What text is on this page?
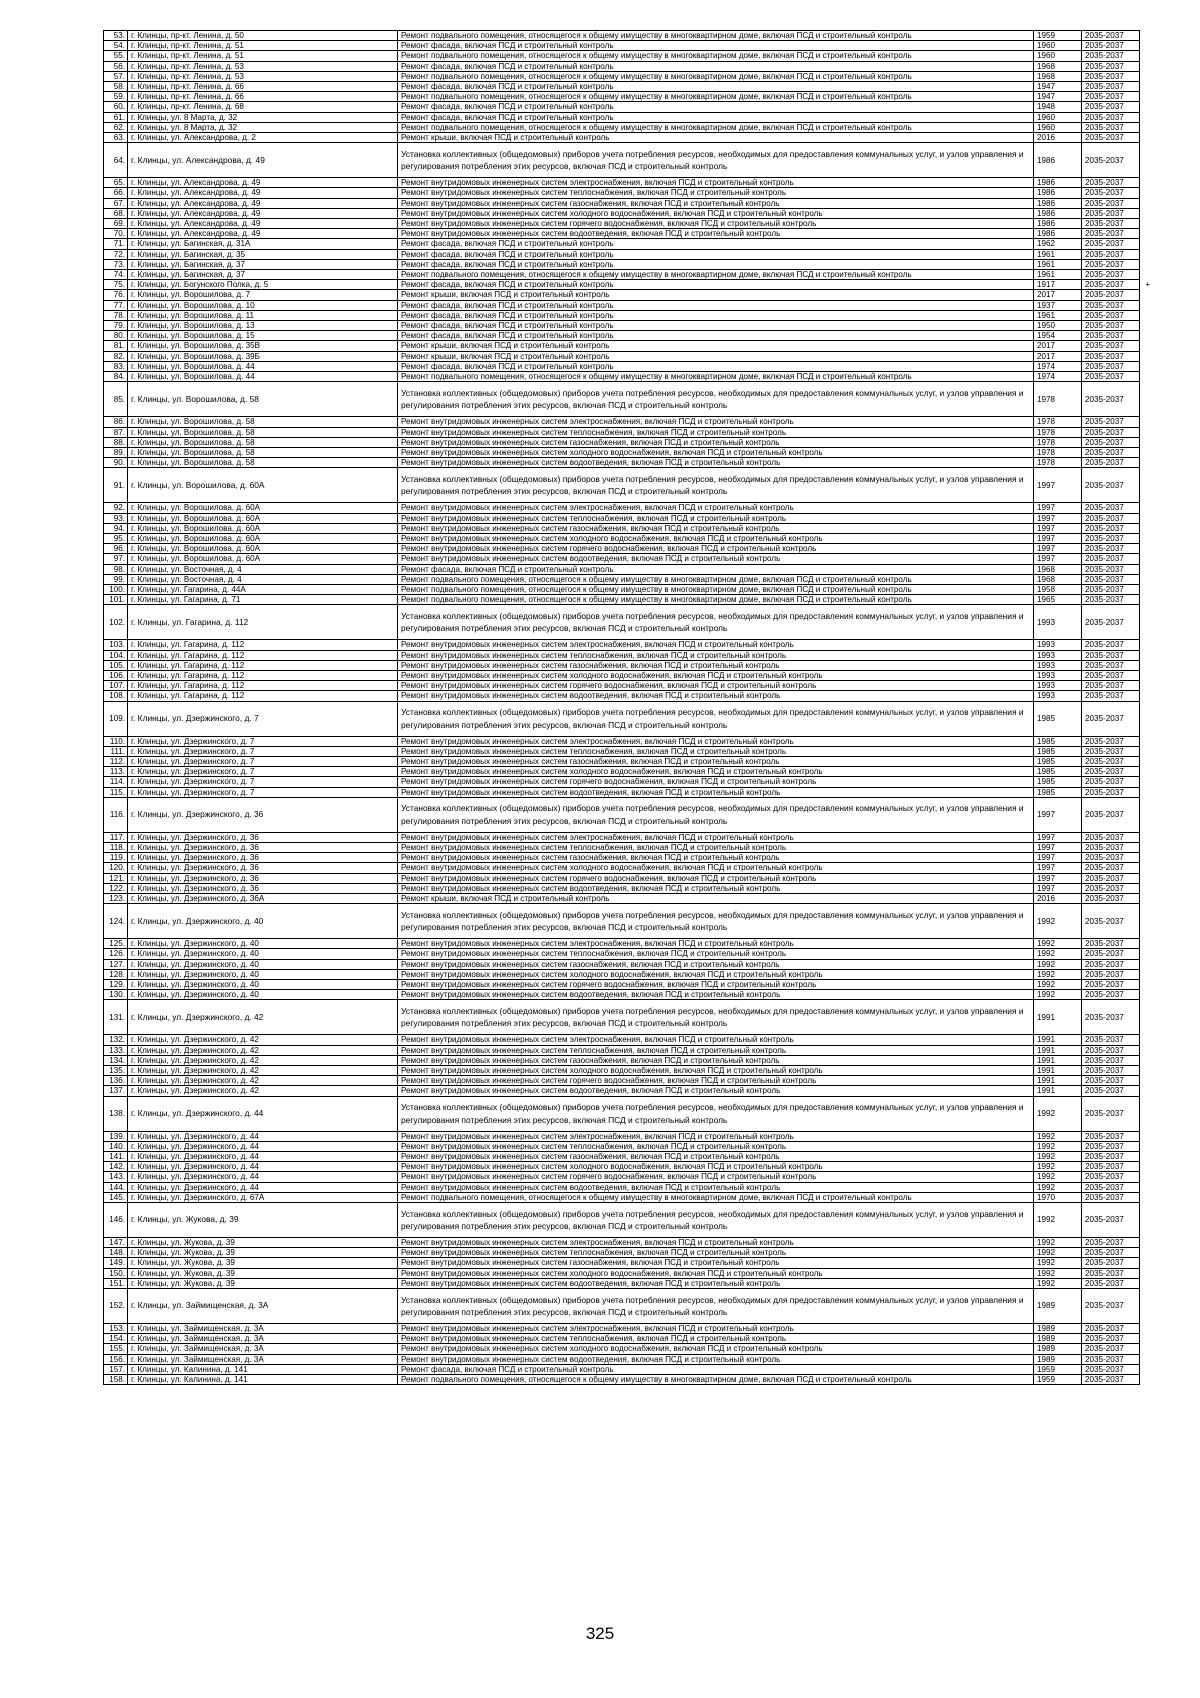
53.	г. Клинцы, пр-кт. Ленина, д. 50	Ремонт подвального помещения, относящегося к общему имуществу в многоквартирном доме, включая ПСД и строительный контроль	1959	2035-2037	
54.	г. Клинцы, пр-кт. Ленина, д. 51	Ремонт фасада, включая ПСД и строительный контроль	1960	2035-2037	
55.	г. Клинцы, пр-кт. Ленина, д. 51	Ремонт подвального помещения, относящегося к общему имуществу в многоквартирном доме, включая ПСД и строительный контроль	1960	2035-2037	
56.	г. Клинцы, пр-кт. Ленина, д. 53	Ремонт фасада, включая ПСД и строительный контроль	1968	2035-2037	
57.	г. Клинцы, пр-кт. Ленина, д. 53	Ремонт подвального помещения, относящегося к общему имуществу в многоквартирном доме, включая ПСД и строительный контроль	1968	2035-2037	
58.	г. Клинцы, пр-кт. Ленина, д. 66	Ремонт фасада, включая ПСД и строительный контроль	1947	2035-2037	
59.	г. Клинцы, пр-кт. Ленина, д. 66	Ремонт подвального помещения, относящегося к общему имуществу в многоквартирном доме, включая ПСД и строительный контроль	1947	2035-2037	
60.	г. Клинцы, пр-кт. Ленина, д. 68	Ремонт фасада, включая ПСД и строительный контроль	1948	2035-2037	
61.	г. Клинцы, ул. 8 Марта, д. 32	Ремонт фасада, включая ПСД и строительный контроль	1960	2035-2037	
62.	г. Клинцы, ул. 8 Марта, д. 32	Ремонт подвального помещения, относящегося к общему имуществу в многоквартирном доме, включая ПСД и строительный контроль	1960	2035-2037	
63.	г. Клинцы, ул. Александрова, д. 2	Ремонт крыши, включая ПСД и строительный контроль	2016	2035-2037	
64.	г. Клинцы, ул. Александрова, д. 49	Установка коллективных (общедомовых) приборов учета потребления ресурсов, необходимых для предоставления коммунальных услуг, и узлов управления и регулирования потребления этих ресурсов, включая ПСД и строительный контроль	1986	2035-2037	
65.	г. Клинцы, ул. Александрова, д. 49	Ремонт внутридомовых инженерных систем электроснабжения, включая ПСД и строительный контроль	1986	2035-2037	
66.	г. Клинцы, ул. Александрова, д. 49	Ремонт внутридомовых инженерных систем теплоснабжения, включая ПСД и строительный контроль	1986	2035-2037	
67.	г. Клинцы, ул. Александрова, д. 49	Ремонт внутридомовых инженерных систем газоснабжения, включая ПСД и строительный контроль	1986	2035-2037	
68.	г. Клинцы, ул. Александрова, д. 49	Ремонт внутридомовых инженерных систем холодного водоснабжения, включая ПСД и строительный контроль	1986	2035-2037	
69.	г. Клинцы, ул. Александрова, д. 49	Ремонт внутридомовых инженерных систем горячего водоснабжения, включая ПСД и строительный контроль	1986	2035-2037	
70.	г. Клинцы, ул. Александрова, д. 49	Ремонт внутридомовых инженерных систем водоотведения, включая ПСД и строительный контроль	1986	2035-2037	
71.	г. Клинцы, ул. Багинская, д. 31А	Ремонт фасада, включая ПСД и строительный контроль	1962	2035-2037	
72.	г. Клинцы, ул. Багинская, д. 35	Ремонт фасада, включая ПСД и строительный контроль	1961	2035-2037	
73.	г. Клинцы, ул. Багинская, д. 37	Ремонт фасада, включая ПСД и строительный контроль	1961	2035-2037	
74.	г. Клинцы, ул. Багинская, д. 37	Ремонт подвального помещения, относящегося к общему имуществу в многоквартирном доме, включая ПСД и строительный контроль	1961	2035-2037	
75.	г. Клинцы, ул. Богунского Полка, д. 5	Ремонт фасада, включая ПСД и строительный контроль	1917	2035-2037	+
76.	г. Клинцы, ул. Ворошилова, д. 7	Ремонт крыши, включая ПСД и строительный контроль	2017	2035-2037	
77.	г. Клинцы, ул. Ворошилова, д. 10	Ремонт фасада, включая ПСД и строительный контроль	1937	2035-2037	
78.	г. Клинцы, ул. Ворошилова, д. 11	Ремонт фасада, включая ПСД и строительный контроль	1961	2035-2037	
79.	г. Клинцы, ул. Ворошилова, д. 13	Ремонт фасада, включая ПСД и строительный контроль	1950	2035-2037	
80.	г. Клинцы, ул. Ворошилова, д. 15	Ремонт фасада, включая ПСД и строительный контроль	1954	2035-2037	
81.	г. Клинцы, ул. Ворошилова, д. 35В	Ремонт крыши, включая ПСД и строительный контроль	2017	2035-2037	
82.	г. Клинцы, ул. Ворошилова, д. 39Б	Ремонт крыши, включая ПСД и строительный контроль	2017	2035-2037	
83.	г. Клинцы, ул. Ворошилова, д. 44	Ремонт фасада, включая ПСД и строительный контроль	1974	2035-2037	
84.	г. Клинцы, ул. Ворошилова, д. 44	Ремонт подвального помещения, относящегося к общему имуществу в многоквартирном доме, включая ПСД и строительный контроль	1974	2035-2037	
85.	г. Клинцы, ул. Ворошилова, д. 58	Установка коллективных (общедомовых) приборов учета потребления ресурсов, необходимых для предоставления коммунальных услуг, и узлов управления и регулирования потребления этих ресурсов, включая ПСД и строительный контроль	1978	2035-2037	
86.	г. Клинцы, ул. Ворошилова, д. 58	Ремонт внутридомовых инженерных систем электроснабжения, включая ПСД и строительный контроль	1978	2035-2037	
87.	г. Клинцы, ул. Ворошилова, д. 58	Ремонт внутридомовых инженерных систем теплоснабжения, включая ПСД и строительный контроль	1978	2035-2037	
88.	г. Клинцы, ул. Ворошилова, д. 58	Ремонт внутридомовых инженерных систем газоснабжения, включая ПСД и строительный контроль	1978	2035-2037	
89.	г. Клинцы, ул. Ворошилова, д. 58	Ремонт внутридомовых инженерных систем холодного водоснабжения, включая ПСД и строительный контроль	1978	2035-2037	
90.	г. Клинцы, ул. Ворошилова, д. 58	Ремонт внутридомовых инженерных систем водоотведения, включая ПСД и строительный контроль	1978	2035-2037	
91.	г. Клинцы, ул. Ворошилова, д. 60А	Установка коллективных (общедомовых) приборов учета потребления ресурсов, необходимых для предоставления коммунальных услуг, и узлов управления и регулирования потребления этих ресурсов, включая ПСД и строительный контроль	1997	2035-2037	
92.	г. Клинцы, ул. Ворошилова, д. 60А	Ремонт внутридомовых инженерных систем электроснабжения, включая ПСД и строительный контроль	1997	2035-2037	
93.	г. Клинцы, ул. Ворошилова, д. 60А	Ремонт внутридомовых инженерных систем теплоснабжения, включая ПСД и строительный контроль	1997	2035-2037	
94.	г. Клинцы, ул. Ворошилова, д. 60А	Ремонт внутридомовых инженерных систем газоснабжения, включая ПСД и строительный контроль	1997	2035-2037	
95.	г. Клинцы, ул. Ворошилова, д. 60А	Ремонт внутридомовых инженерных систем холодного водоснабжения, включая ПСД и строительный контроль	1997	2035-2037	
96.	г. Клинцы, ул. Ворошилова, д. 60А	Ремонт внутридомовых инженерных систем горячего водоснабжения, включая ПСД и строительный контроль	1997	2035-2037	
97.	г. Клинцы, ул. Ворошилова, д. 60А	Ремонт внутридомовых инженерных систем водоотведения, включая ПСД и строительный контроль	1997	2035-2037	
98.	г. Клинцы, ул. Восточная, д. 4	Ремонт фасада, включая ПСД и строительный контроль	1968	2035-2037	
99.	г. Клинцы, ул. Восточная, д. 4	Ремонт подвального помещения, относящегося к общему имуществу в многоквартирном доме, включая ПСД и строительный контроль	1968	2035-2037	
100.	г. Клинцы, ул. Гагарина, д. 44А	Ремонт подвального помещения, относящегося к общему имуществу в многоквартирном доме, включая ПСД и строительный контроль	1958	2035-2037	
101.	г. Клинцы, ул. Гагарина, д. 71	Ремонт подвального помещения, относящегося к общему имуществу в многоквартирном доме, включая ПСД и строительный контроль	1965	2035-2037	
102.	г. Клинцы, ул. Гагарина, д. 112	Установка коллективных (общедомовых) приборов учета потребления ресурсов, необходимых для предоставления коммунальных услуг, и узлов управления и регулирования потребления этих ресурсов, включая ПСД и строительный контроль	1993	2035-2037	
103.	г. Клинцы, ул. Гагарина, д. 112	Ремонт внутридомовых инженерных систем электроснабжения, включая ПСД и строительный контроль	1993	2035-2037	
104.	г. Клинцы, ул. Гагарина, д. 112	Ремонт внутридомовых инженерных систем теплоснабжения, включая ПСД и строительный контроль	1993	2035-2037	
105.	г. Клинцы, ул. Гагарина, д. 112	Ремонт внутридомовых инженерных систем газоснабжения, включая ПСД и строительный контроль	1993	2035-2037	
106.	г. Клинцы, ул. Гагарина, д. 112	Ремонт внутридомовых инженерных систем холодного водоснабжения, включая ПСД и строительный контроль	1993	2035-2037	
107.	г. Клинцы, ул. Гагарина, д. 112	Ремонт внутридомовых инженерных систем горячего водоснабжения, включая ПСД и строительный контроль	1993	2035-2037	
108.	г. Клинцы, ул. Гагарина, д. 112	Ремонт внутридомовых инженерных систем водоотведения, включая ПСД и строительный контроль	1993	2035-2037	
109.	г. Клинцы, ул. Дзержинского, д. 7	Установка коллективных (общедомовых) приборов учета потребления ресурсов, необходимых для предоставления коммунальных услуг, и узлов управления и регулирования потребления этих ресурсов, включая ПСД и строительный контроль	1985	2035-2037	
110.	г. Клинцы, ул. Дзержинского, д. 7	Ремонт внутридомовых инженерных систем электроснабжения, включая ПСД и строительный контроль	1985	2035-2037	
111.	г. Клинцы, ул. Дзержинского, д. 7	Ремонт внутридомовых инженерных систем теплоснабжения, включая ПСД и строительный контроль	1985	2035-2037	
112.	г. Клинцы, ул. Дзержинского, д. 7	Ремонт внутридомовых инженерных систем газоснабжения, включая ПСД и строительный контроль	1985	2035-2037	
113.	г. Клинцы, ул. Дзержинского, д. 7	Ремонт внутридомовых инженерных систем холодного водоснабжения, включая ПСД и строительный контроль	1985	2035-2037	
114.	г. Клинцы, ул. Дзержинского, д. 7	Ремонт внутридомовых инженерных систем горячего водоснабжения, включая ПСД и строительный контроль	1985	2035-2037	
115.	г. Клинцы, ул. Дзержинского, д. 7	Ремонт внутридомовых инженерных систем водоотведения, включая ПСД и строительный контроль	1985	2035-2037	
116.	г. Клинцы, ул. Дзержинского, д. 36	Установка коллективных (общедомовых) приборов учета потребления ресурсов, необходимых для предоставления коммунальных услуг, и узлов управления и регулирования потребления этих ресурсов, включая ПСД и строительный контроль	1997	2035-2037	
117.	г. Клинцы, ул. Дзержинского, д. 36	Ремонт внутридомовых инженерных систем электроснабжения, включая ПСД и строительный контроль	1997	2035-2037	
118.	г. Клинцы, ул. Дзержинского, д. 36	Ремонт внутридомовых инженерных систем теплоснабжения, включая ПСД и строительный контроль	1997	2035-2037	
119.	г. Клинцы, ул. Дзержинского, д. 36	Ремонт внутридомовых инженерных систем газоснабжения, включая ПСД и строительный контроль	1997	2035-2037	
120.	г. Клинцы, ул. Дзержинского, д. 36	Ремонт внутридомовых инженерных систем холодного водоснабжения, включая ПСД и строительный контроль	1997	2035-2037	
121.	г. Клинцы, ул. Дзержинского, д. 36	Ремонт внутридомовых инженерных систем горячего водоснабжения, включая ПСД и строительный контроль	1997	2035-2037	
122.	г. Клинцы, ул. Дзержинского, д. 36	Ремонт внутридомовых инженерных систем водоотведения, включая ПСД и строительный контроль	1997	2035-2037	
123.	г. Клинцы, ул. Дзержинского, д. 36А	Ремонт крыши, включая ПСД и строительный контроль	2016	2035-2037	
124.	г. Клинцы, ул. Дзержинского, д. 40	Установка коллективных (общедомовых) приборов учета потребления ресурсов, необходимых для предоставления коммунальных услуг, и узлов управления и регулирования потребления этих ресурсов, включая ПСД и строительный контроль	1992	2035-2037	
125.	г. Клинцы, ул. Дзержинского, д. 40	Ремонт внутридомовых инженерных систем электроснабжения, включая ПСД и строительный контроль	1992	2035-2037	
126.	г. Клинцы, ул. Дзержинского, д. 40	Ремонт внутридомовых инженерных систем теплоснабжения, включая ПСД и строительный контроль	1992	2035-2037	
127.	г. Клинцы, ул. Дзержинского, д. 40	Ремонт внутридомовых инженерных систем газоснабжения, включая ПСД и строительный контроль	1992	2035-2037	
128.	г. Клинцы, ул. Дзержинского, д. 40	Ремонт внутридомовых инженерных систем холодного водоснабжения, включая ПСД и строительный контроль	1992	2035-2037	
129.	г. Клинцы, ул. Дзержинского, д. 40	Ремонт внутридомовых инженерных систем горячего водоснабжения, включая ПСД и строительный контроль	1992	2035-2037	
130.	г. Клинцы, ул. Дзержинского, д. 40	Ремонт внутридомовых инженерных систем водоотведения, включая ПСД и строительный контроль	1992	2035-2037	
131.	г. Клинцы, ул. Дзержинского, д. 42	Установка коллективных (общедомовых) приборов учета потребления ресурсов, необходимых для предоставления коммунальных услуг, и узлов управления и регулирования потребления этих ресурсов, включая ПСД и строительный контроль	1991	2035-2037	
132.	г. Клинцы, ул. Дзержинского, д. 42	Ремонт внутридомовых инженерных систем электроснабжения, включая ПСД и строительный контроль	1991	2035-2037	
133.	г. Клинцы, ул. Дзержинского, д. 42	Ремонт внутридомовых инженерных систем теплоснабжения, включая ПСД и строительный контроль	1991	2035-2037	
134.	г. Клинцы, ул. Дзержинского, д. 42	Ремонт внутридомовых инженерных систем газоснабжения, включая ПСД и строительный контроль	1991	2035-2037	
135.	г. Клинцы, ул. Дзержинского, д. 42	Ремонт внутридомовых инженерных систем холодного водоснабжения, включая ПСД и строительный контроль	1991	2035-2037	
136.	г. Клинцы, ул. Дзержинского, д. 42	Ремонт внутридомовых инженерных систем горячего водоснабжения, включая ПСД и строительный контроль	1991	2035-2037	
137.	г. Клинцы, ул. Дзержинского, д. 42	Ремонт внутридомовых инженерных систем водоотведения, включая ПСД и строительный контроль	1991	2035-2037	
138.	г. Клинцы, ул. Дзержинского, д. 44	Установка коллективных (общедомовых) приборов учета потребления ресурсов, необходимых для предоставления коммунальных услуг, и узлов управления и регулирования потребления этих ресурсов, включая ПСД и строительный контроль	1992	2035-2037	
139.	г. Клинцы, ул. Дзержинского, д. 44	Ремонт внутридомовых инженерных систем электроснабжения, включая ПСД и строительный контроль	1992	2035-2037	
140.	г. Клинцы, ул. Дзержинского, д. 44	Ремонт внутридомовых инженерных систем теплоснабжения, включая ПСД и строительный контроль	1992	2035-2037	
141.	г. Клинцы, ул. Дзержинского, д. 44	Ремонт внутридомовых инженерных систем газоснабжения, включая ПСД и строительный контроль	1992	2035-2037	
142.	г. Клинцы, ул. Дзержинского, д. 44	Ремонт внутридомовых инженерных систем холодного водоснабжения, включая ПСД и строительный контроль	1992	2035-2037	
143.	г. Клинцы, ул. Дзержинского, д. 44	Ремонт внутридомовых инженерных систем горячего водоснабжения, включая ПСД и строительный контроль	1992	2035-2037	
144.	г. Клинцы, ул. Дзержинского, д. 44	Ремонт внутридомовых инженерных систем водоотведения, включая ПСД и строительный контроль	1992	2035-2037	
145.	г. Клинцы, ул. Дзержинского, д. 67А	Ремонт подвального помещения, относящегося к общему имуществу в многоквартирном доме, включая ПСД и строительный контроль	1970	2035-2037	
146.	г. Клинцы, ул. Жукова, д. 39	Установка коллективных (общедомовых) приборов учета потребления ресурсов, необходимых для предоставления коммунальных услуг, и узлов управления и регулирования потребления этих ресурсов, включая ПСД и строительный контроль	1992	2035-2037	
147.	г. Клинцы, ул. Жукова, д. 39	Ремонт внутридомовых инженерных систем электроснабжения, включая ПСД и строительный контроль	1992	2035-2037	
148.	г. Клинцы, ул. Жукова, д. 39	Ремонт внутридомовых инженерных систем теплоснабжения, включая ПСД и строительный контроль	1992	2035-2037	
149.	г. Клинцы, ул. Жукова, д. 39	Ремонт внутридомовых инженерных систем газоснабжения, включая ПСД и строительный контроль	1992	2035-2037	
150.	г. Клинцы, ул. Жукова, д. 39	Ремонт внутридомовых инженерных систем холодного водоснабжения, включая ПСД и строительный контроль	1992	2035-2037	
151.	г. Клинцы, ул. Жукова, д. 39	Ремонт внутридомовых инженерных систем водоотведения, включая ПСД и строительный контроль	1992	2035-2037	
152.	г. Клинцы, ул. Займищенская, д. 3А	Установка коллективных (общедомовых) приборов учета потребления ресурсов, необходимых для предоставления коммунальных услуг, и узлов управления и регулирования потребления этих ресурсов, включая ПСД и строительный контроль	1989	2035-2037	
153.	г. Клинцы, ул. Займищенская, д. 3А	Ремонт внутридомовых инженерных систем электроснабжения, включая ПСД и строительный контроль	1989	2035-2037	
154.	г. Клинцы, ул. Займищенская, д. 3А	Ремонт внутридомовых инженерных систем теплоснабжения, включая ПСД и строительный контроль	1989	2035-2037	
155.	г. Клинцы, ул. Займищенская, д. 3А	Ремонт внутридомовых инженерных систем холодного водоснабжения, включая ПСД и строительный контроль	1989	2035-2037	
156.	г. Клинцы, ул. Займищенская, д. 3А	Ремонт внутридомовых инженерных систем водоотведения, включая ПСД и строительный контроль	1989	2035-2037	
157.	г. Клинцы, ул. Калинина, д. 141	Ремонт фасада, включая ПСД и строительный контроль	1959	2035-2037	
158.	г. Клинцы, ул. Калинина, д. 141	Ремонт подвального помещения, относящегося к общему имуществу в многоквартирном доме, включая ПСД и строительный контроль	1959	2035-2037	
325
